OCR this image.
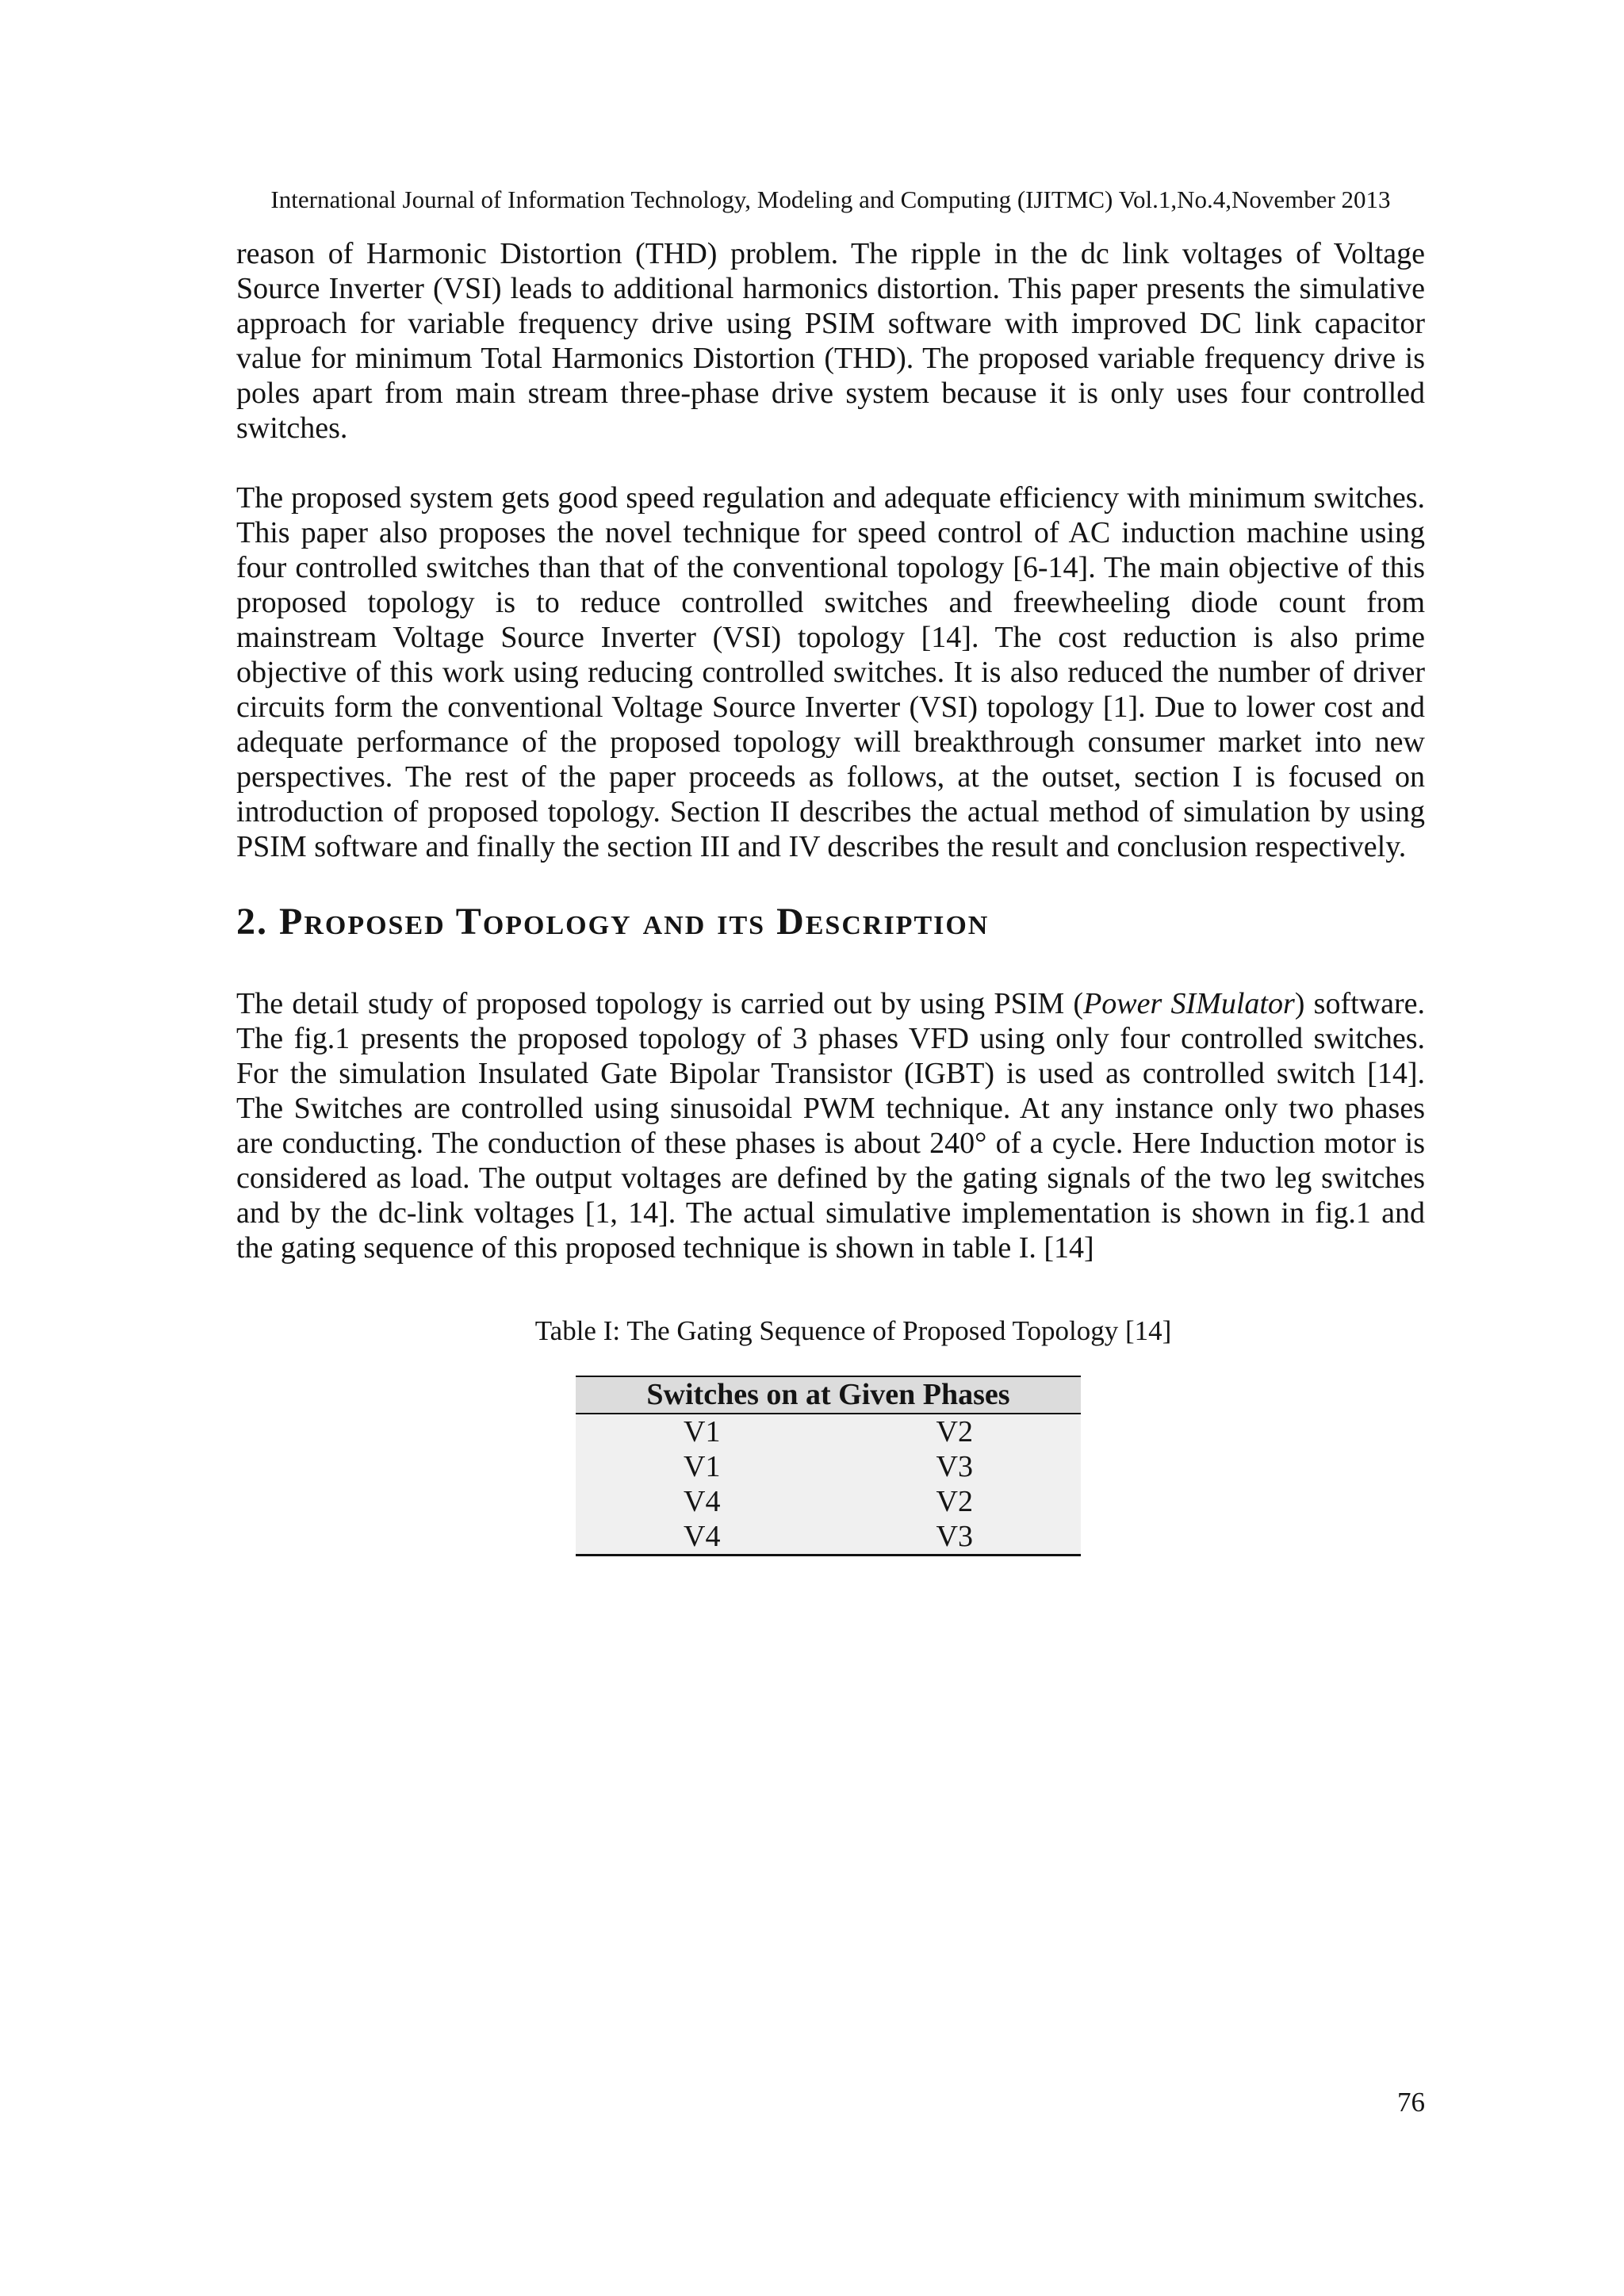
International Journal of Information Technology, Modeling and Computing (IJITMC) Vol.1,No.4,November 2013
reason of Harmonic Distortion (THD) problem. The ripple in the dc link voltages of Voltage
Source Inverter (VSI) leads to additional harmonics distortion. This paper presents the simulative
approach for variable frequency drive using PSIM software with improved DC link capacitor
value for minimum Total Harmonics Distortion (THD). The proposed variable frequency drive is
poles apart from main stream three-phase drive system because it is only uses four controlled
switches.
The proposed system gets good speed regulation and adequate efficiency with minimum switches.
This paper also proposes the novel technique for speed control of AC induction machine using
four controlled switches than that of the conventional topology [6-14]. The main objective of this
proposed topology is to reduce controlled switches and freewheeling diode count from
mainstream Voltage Source Inverter (VSI) topology [14]. The cost reduction is also prime
objective of this work using reducing controlled switches. It is also reduced the number of driver
circuits form the conventional Voltage Source Inverter (VSI) topology [1]. Due to lower cost and
adequate performance of the proposed topology will breakthrough consumer market into new
perspectives. The rest of the paper proceeds as follows, at the outset, section I is focused on
introduction of proposed topology. Section II describes the actual method of simulation by using
PSIM software and finally the section III and IV describes the result and conclusion respectively.
2. Proposed Topology and its Description
The detail study of proposed topology is carried out by using PSIM (Power SIMulator) software.
The fig.1 presents the proposed topology of 3 phases VFD using only four controlled switches.
For the simulation Insulated Gate Bipolar Transistor (IGBT) is used as controlled switch [14].
The Switches are controlled using sinusoidal PWM technique. At any instance only two phases
are conducting. The conduction of these phases is about 240° of a cycle. Here Induction motor is
considered as load. The output voltages are defined by the gating signals of the two leg switches
and by the dc-link voltages [1, 14]. The actual simulative implementation is shown in fig.1 and
the gating sequence of this proposed technique is shown in table I. [14]
Table I: The Gating Sequence of Proposed Topology [14]
Switches on at Given Phases	
V1	V2
V1	V3
V4	V2
V4	V3
76
